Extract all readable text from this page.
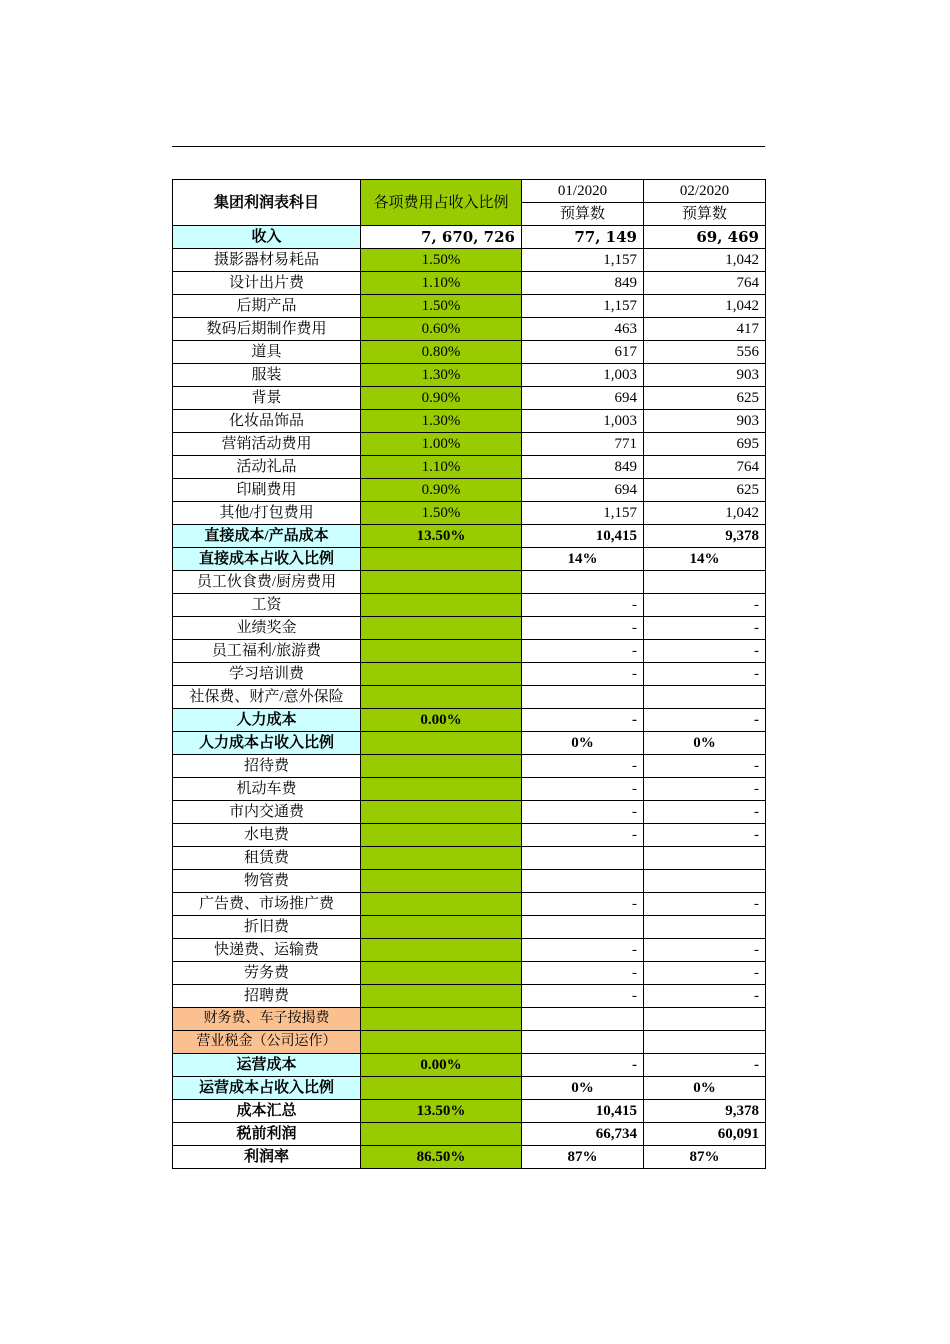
集团利润表科目	各项费用占收入比例	01/2020	02/2020
		预算数	预算数
收入	7, 670, 726	77, 149	69, 469
摄影器材易耗品	1.50%	1,157	1,042
设计出片费	1.10%	849	764
后期产品	1.50%	1,157	1,042
数码后期制作费用	0.60%	463	417
道具	0.80%	617	556
服装	1.30%	1,003	903
背景	0.90%	694	625
化妆品饰品	1.30%	1,003	903
营销活动费用	1.00%	771	695
活动礼品	1.10%	849	764
印刷费用	0.90%	694	625
其他/打包费用	1.50%	1,157	1,042
直接成本/产品成本	13.50%	10,415	9,378
直接成本占收入比例		14%	14%
员工伙食费/厨房费用			
工资		-	-
业绩奖金		-	-
员工福利/旅游费		-	-
学习培训费		-	-
社保费、财产/意外保险			
人力成本	0.00%	-	-
人力成本占收入比例		0%	0%
招待费		-	-
机动车费		-	-
市内交通费		-	-
水电费		-	-
租赁费			
物管费			
广告费、市场推广费		-	-
折旧费			
快递费、运输费		-	-
劳务费		-	-
招聘费		-	-
财务费、车子按揭费			
营业税金（公司运作）			
运营成本	0.00%	-	-
运营成本占收入比例		0%	0%
成本汇总	13.50%	10,415	9,378
税前利润		66,734	60,091
利润率	86.50%	87%	87%
